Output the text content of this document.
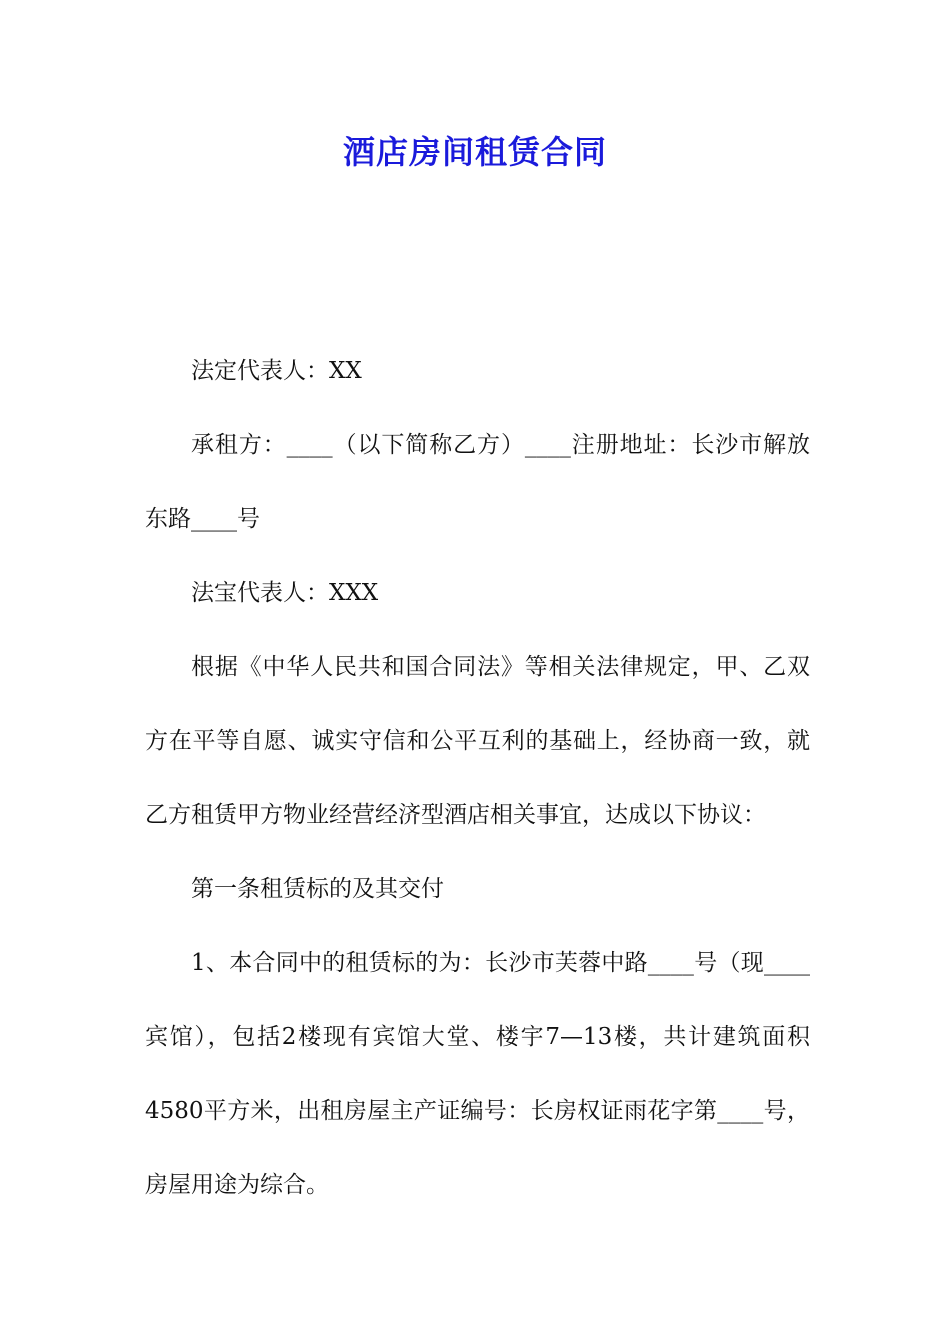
酒店房间租赁合同

法定代表人：XX

承租方：____（以下简称乙方）____注册地址：长沙市解放东路____号

法宝代表人：XXX

根据《中华人民共和国合同法》等相关法律规定，甲、乙双方在平等自愿、诚实守信和公平互利的基础上，经协商一致，就乙方租赁甲方物业经营经济型酒店相关事宜，达成以下协议：

第一条租赁标的及其交付

1、本合同中的租赁标的为：长沙市芙蓉中路____号（现____宾馆），包括2楼现有宾馆大堂、楼宇7—13楼，共计建筑面积4580平方米，出租房屋主产证编号：长房权证雨花字第____号，房屋用途为综合。
